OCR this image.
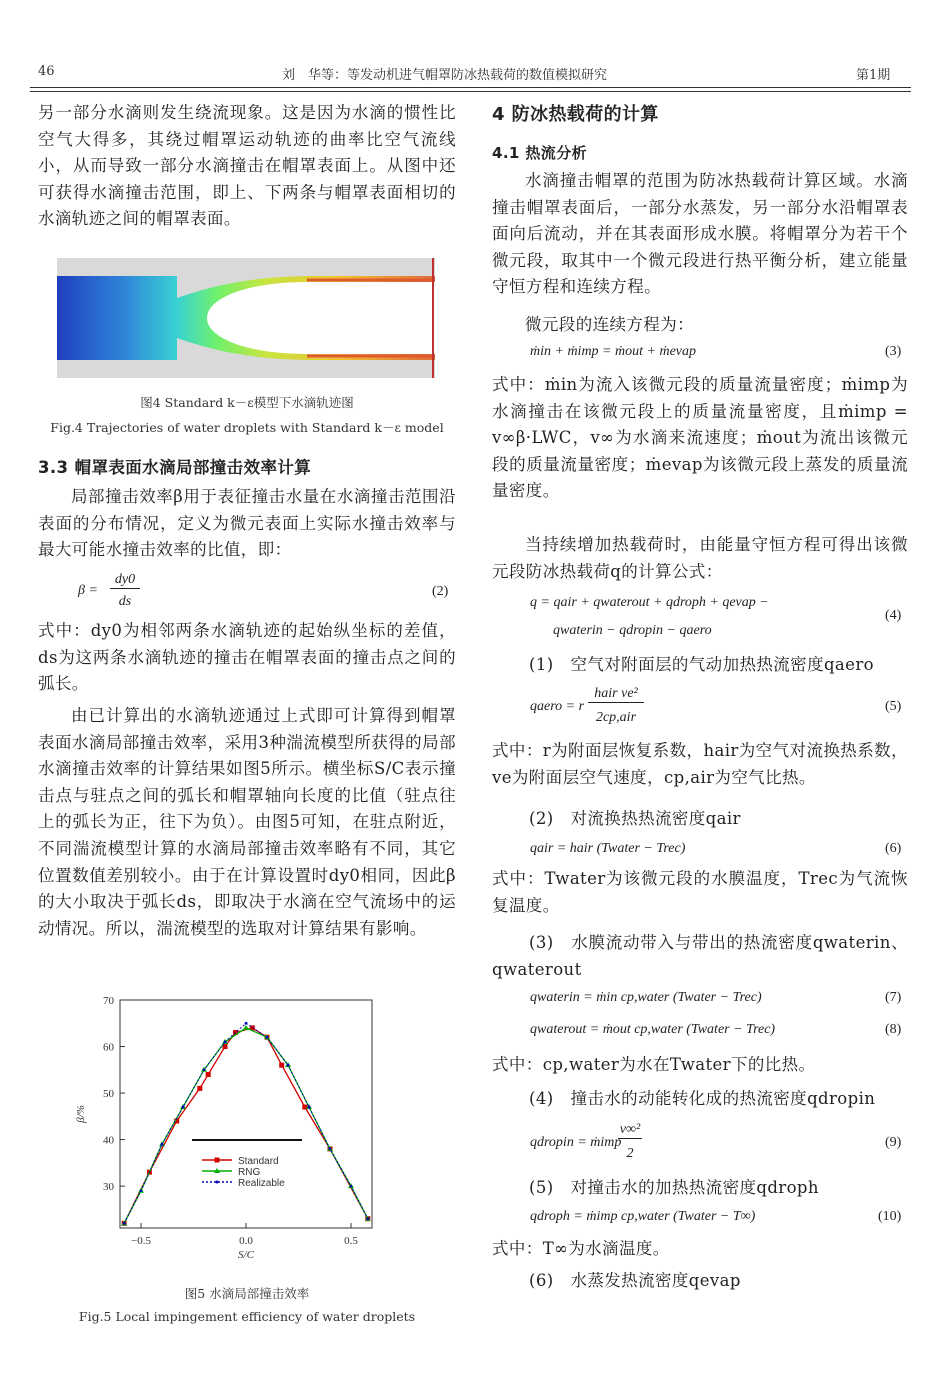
46	刘　华等：等发动机进气帽罩防冰热载荷的数值模拟研究	第1期

另一部分水滴则发生绕流现象。这是因为水滴的惯性比空气大得多，其绕过帽罩运动轨迹的曲率比空气流线小，从而导致一部分水滴撞击在帽罩表面上。从图中还可获得水滴撞击范围，即上、下两条与帽罩表面相切的水滴轨迹之间的帽罩表面。

图4 Standard k－ε模型下水滴轨迹图
Fig.4 Trajectories of water droplets with Standard k－ε model
3.3 帽罩表面水滴局部撞击效率计算

局部撞击效率β用于表征撞击水量在水滴撞击范围沿表面的分布情况，定义为微元表面上实际水撞击效率与最大可能水撞击效率的比值，即：

β =
dy0
ds
(2)

式中：dy0为相邻两条水滴轨迹的起始纵坐标的差值，ds为这两条水滴轨迹的撞击在帽罩表面的撞击点之间的弧长。

由已计算出的水滴轨迹通过上式即可计算得到帽罩表面水滴局部撞击效率，采用3种湍流模型所获得的局部水滴撞击效率的计算结果如图5所示。横坐标S/C表示撞击点与驻点之间的弧长和帽罩轴向长度的比值（驻点往上的弧长为正，往下为负）。由图5可知，在驻点附近，不同湍流模型计算的水滴局部撞击效率略有不同，其它位置数值差别较小。由于在计算设置时dy0相同，因此β的大小取决于弧长ds，即取决于水滴在空气流场中的运动情况。所以，湍流模型的选取对计算结果有影响。

30
40
50
60
70
−0.5	0.0	0.5
S/C
β/%
Standard
RNG
Realizable
图5 水滴局部撞击效率
Fig.5 Local impingement efficiency of water droplets
4 防冰热载荷的计算
4.1 热流分析

水滴撞击帽罩的范围为防冰热载荷计算区域。水滴撞击帽罩表面后，一部分水蒸发，另一部分水沿帽罩表面向后流动，并在其表面形成水膜。将帽罩分为若干个微元段，取其中一个微元段进行热平衡分析，建立能量守恒方程和连续方程。

微元段的连续方程为：

ṁin + ṁimp = ṁout + ṁevap	(3)

式中：ṁin为流入该微元段的质量流量密度；ṁimp为水滴撞击在该微元段上的质量流量密度，且ṁimp = v∞β·LWC，v∞为水滴来流速度；ṁout为流出该微元段的质量流量密度；ṁevap为该微元段上蒸发的质量流量密度。

当持续增加热载荷时，由能量守恒方程可得出该微元段防冰热载荷q的计算公式：

q = qair + qwaterout + qdroph + qevap −
qwaterin − qdropin − qaero
(4)
(1)　空气对附面层的气动加热热流密度qaero
qaero = r
hair ve²
2cp,air
(5)

式中：r为附面层恢复系数，hair为空气对流换热系数，ve为附面层空气速度，cp,air为空气比热。

(2)　对流换热热流密度qair
qair = hair (Twater − Trec)	(6)

式中：Twater为该微元段的水膜温度，Trec为气流恢复温度。

(3)　水膜流动带入与带出的热流密度qwaterin、qwaterout

qwaterin = ṁin cp,water (Twater − Trec)	(7)
qwaterout = ṁout cp,water (Twater − Trec)	(8)

式中：cp,water为水在Twater下的比热。

(4)　撞击水的动能转化成的热流密度qdropin
qdropin = ṁimp
v∞²
2
(9)
(5)　对撞击水的加热热流密度qdroph
qdroph = ṁimp cp,water (Twater − T∞)	(10)

式中：T∞为水滴温度。

(6)　水蒸发热流密度qevap
